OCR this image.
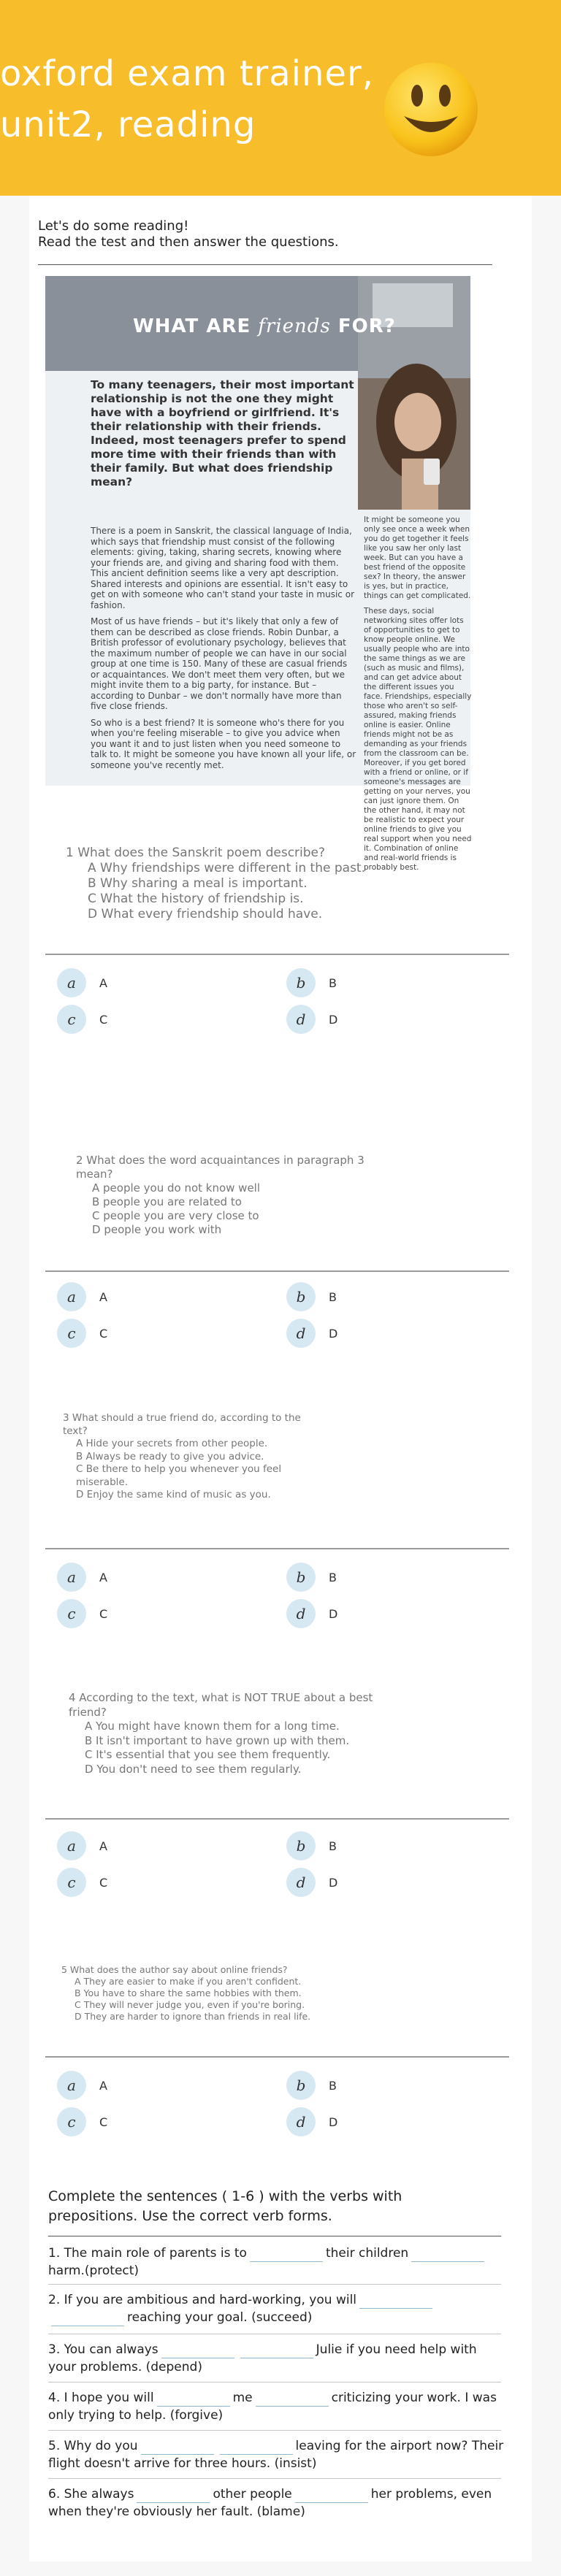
oxford exam trainer,
unit2, reading
Let's do some reading!
Read the test and then answer the questions.
WHAT ARE friends FOR?
To many teenagers, their most important relationship is not the one they might have with a boyfriend or girlfriend. It's their relationship with their friends. Indeed, most teenagers prefer to spend more time with their friends than with their family. But what does friendship mean?

There is a poem in Sanskrit, the classical language of India, which says that friendship must consist of the following elements: giving, taking, sharing secrets, knowing where your friends are, and giving and sharing food with them. This ancient definition seems like a very apt description. Shared interests and opinions are essential. It isn't easy to get on with someone who can't stand your taste in music or fashion.

Most of us have friends – but it's likely that only a few of them can be described as close friends. Robin Dunbar, a British professor of evolutionary psychology, believes that the maximum number of people we can have in our social group at one time is 150. Many of these are casual friends or acquaintances. We don't meet them very often, but we might invite them to a big party, for instance. But – according to Dunbar – we don't normally have more than five close friends.

So who is a best friend? It is someone who's there for you when you're feeling miserable – to give you advice when you want it and to just listen when you need someone to talk to. It might be someone you have known all your life, or someone you've recently met.

It might be someone you only see once a week when you do get together it feels like you saw her only last week. But can you have a best friend of the opposite sex? In theory, the answer is yes, but in practice, things can get complicated.

These days, social networking sites offer lots of opportunities to get to know people online. We usually people who are into the same things as we are (such as music and films), and can get advice about the different issues you face. Friendships, especially those who aren't so self-assured, making friends online is easier. Online friends might not be as demanding as your friends from the classroom can be. Moreover, if you get bored with a friend or online, or if someone's messages are getting on your nerves, you can just ignore them. On the other hand, it may not be realistic to expect your online friends to give you real support when you need it. Combination of online and real-world friends is probably best.

1 What does the Sanskrit poem describe?
A Why friendships were different in the past.
B Why sharing a meal is important.
C What the history of friendship is.
D What every friendship should have.
a	A	b	B
c	C	d	D
2 What does the word acquaintances in paragraph 3 mean?
A people you do not know well
B people you are related to
C people you are very close to
D people you work with
a	A	b	B
c	C	d	D
3 What should a true friend do, according to the text?
A Hide your secrets from other people.
B Always be ready to give you advice.
C Be there to help you whenever you feel miserable.
D Enjoy the same kind of music as you.
a	A	b	B
c	C	d	D
4 According to the text, what is NOT TRUE about a best friend?
A You might have known them for a long time.
B It isn't important to have grown up with them.
C It's essential that you see them frequently.
D You don't need to see them regularly.
a	A	b	B
c	C	d	D
5 What does the author say about online friends?
A They are easier to make if you aren't confident.
B You have to share the same hobbies with them.
C They will never judge you, even if you're boring.
D They are harder to ignore than friends in real life.
a	A	b	B
c	C	d	D
Complete the sentences ( 1-6 ) with the verbs with
prepositions. Use the correct verb forms.
1. The main role of parents is to	their childrenharm.(protect)
2. If you are ambitious and hard-working, you willreaching your goal. (succeed)
3. You can always	Julie if you need help with your problems. (depend)
4. I hope you will	me	criticizing your work. I was only trying to help. (forgive)
5. Why do you	leaving for the airport now? Their flight doesn't arrive for three hours. (insist)
6. She always	other people	her problems, even when they're obviously her fault. (blame)
